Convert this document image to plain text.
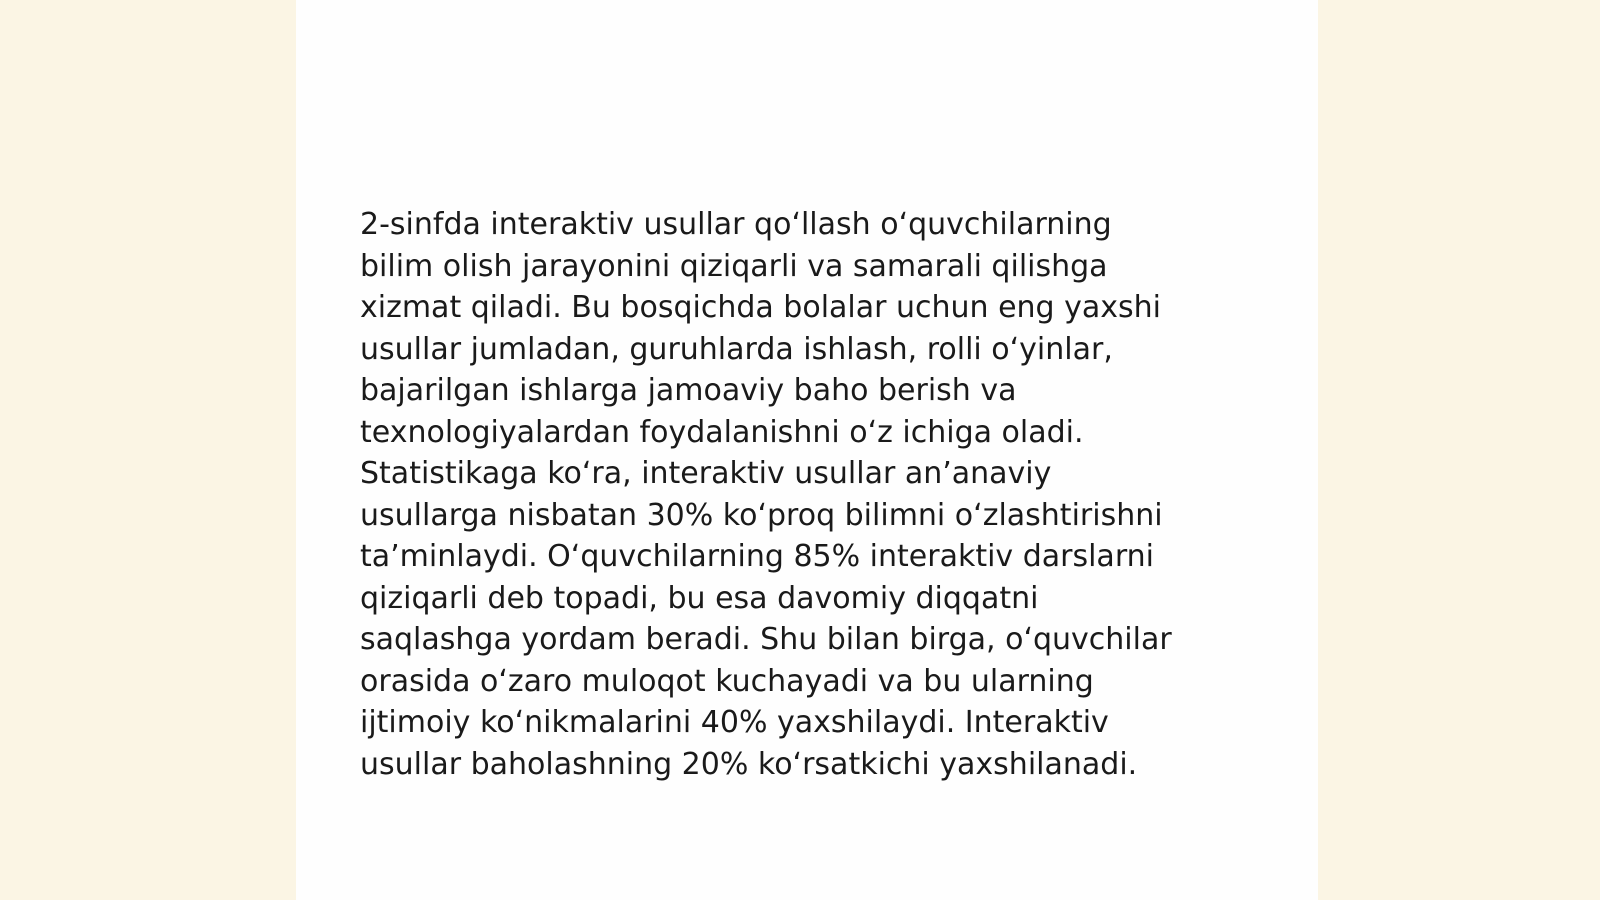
2-sinfda interaktiv usullar qoʻllash oʻquvchilarning
bilim olish jarayonini qiziqarli va samarali qilishga
xizmat qiladi. Bu bosqichda bolalar uchun eng yaxshi
usullar jumladan, guruhlarda ishlash, rolli oʻyinlar,
bajarilgan ishlarga jamoaviy baho berish va
texnologiyalardan foydalanishni oʻz ichiga oladi.
Statistikaga koʻra, interaktiv usullar anʼanaviy
usullarga nisbatan 30% koʻproq bilimni oʻzlashtirishni
taʼminlaydi. Oʻquvchilarning 85% interaktiv darslarni
qiziqarli deb topadi, bu esa davomiy diqqatni
saqlashga yordam beradi. Shu bilan birga, oʻquvchilar
orasida oʻzaro muloqot kuchayadi va bu ularning
ijtimoiy koʻnikmalarini 40% yaxshilaydi. Interaktiv
usullar baholashning 20% koʻrsatkichi yaxshilanadi.
